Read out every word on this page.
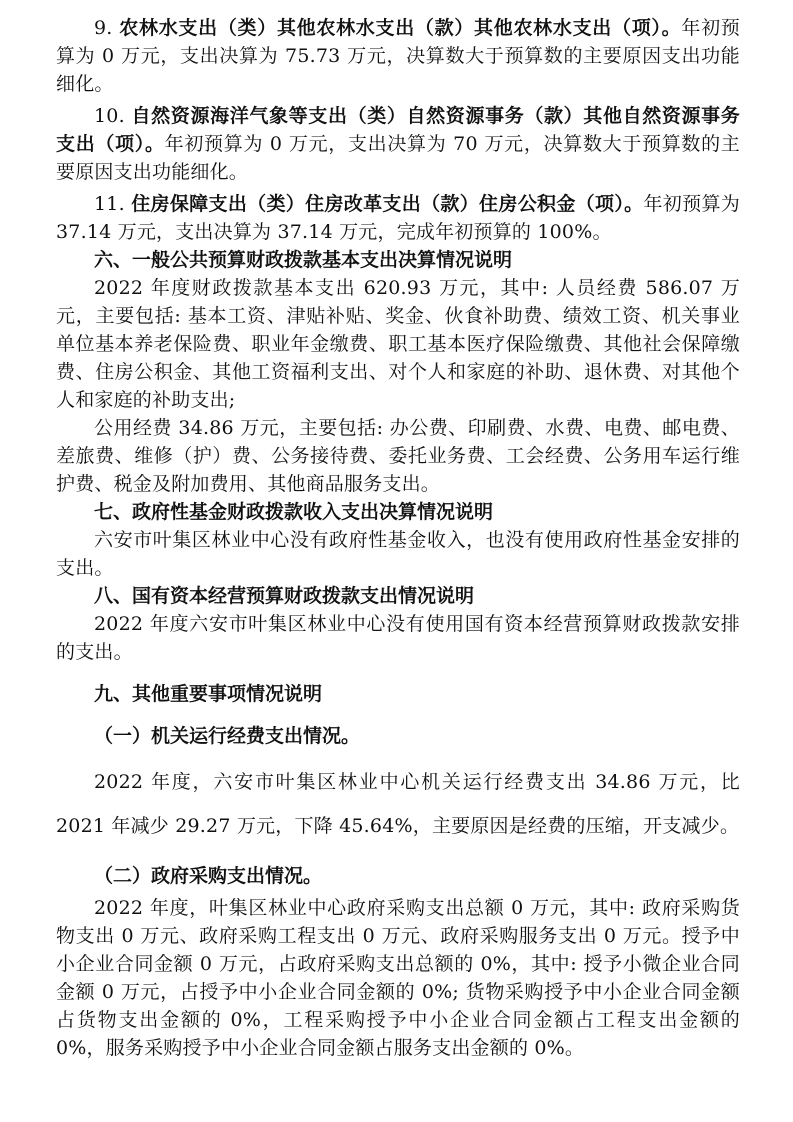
9. 农林水支出（类）其他农林水支出（款）其他农林水支出（项）。年初预算为 0 万元，支出决算为 75.73 万元，决算数大于预算数的主要原因支出功能细化。

10. 自然资源海洋气象等支出（类）自然资源事务（款）其他自然资源事务支出（项）。年初预算为 0 万元，支出决算为 70 万元，决算数大于预算数的主要原因支出功能细化。

11. 住房保障支出（类）住房改革支出（款）住房公积金（项）。年初预算为 37.14 万元，支出决算为 37.14 万元，完成年初预算的 100%。

六、一般公共预算财政拨款基本支出决算情况说明

2022 年度财政拨款基本支出 620.93 万元，其中: 人员经费 586.07 万元，主要包括: 基本工资、津贴补贴、奖金、伙食补助费、绩效工资、机关事业单位基本养老保险费、职业年金缴费、职工基本医疗保险缴费、其他社会保障缴费、住房公积金、其他工资福利支出、对个人和家庭的补助、退休费、对其他个人和家庭的补助支出;

公用经费 34.86 万元，主要包括: 办公费、印刷费、水费、电费、邮电费、差旅费、维修（护）费、公务接待费、委托业务费、工会经费、公务用车运行维护费、税金及附加费用、其他商品服务支出。

七、政府性基金财政拨款收入支出决算情况说明

六安市叶集区林业中心没有政府性基金收入，也没有使用政府性基金安排的支出。

八、国有资本经营预算财政拨款支出情况说明

2022 年度六安市叶集区林业中心没有使用国有资本经营预算财政拨款安排的支出。

九、其他重要事项情况说明
（一）机关运行经费支出情况。

2022 年度，六安市叶集区林业中心机关运行经费支出 34.86 万元，比 2021 年减少 29.27 万元，下降 45.64%，主要原因是经费的压缩，开支减少。

（二）政府采购支出情况。

2022 年度，叶集区林业中心政府采购支出总额 0 万元，其中: 政府采购货物支出 0 万元、政府采购工程支出 0 万元、政府采购服务支出 0 万元。授予中小企业合同金额 0 万元，占政府采购支出总额的 0%，其中: 授予小微企业合同金额 0 万元，占授予中小企业合同金额的 0%; 货物采购授予中小企业合同金额占货物支出金额的 0%，工程采购授予中小企业合同金额占工程支出金额的 0%，服务采购授予中小企业合同金额占服务支出金额的 0%。
